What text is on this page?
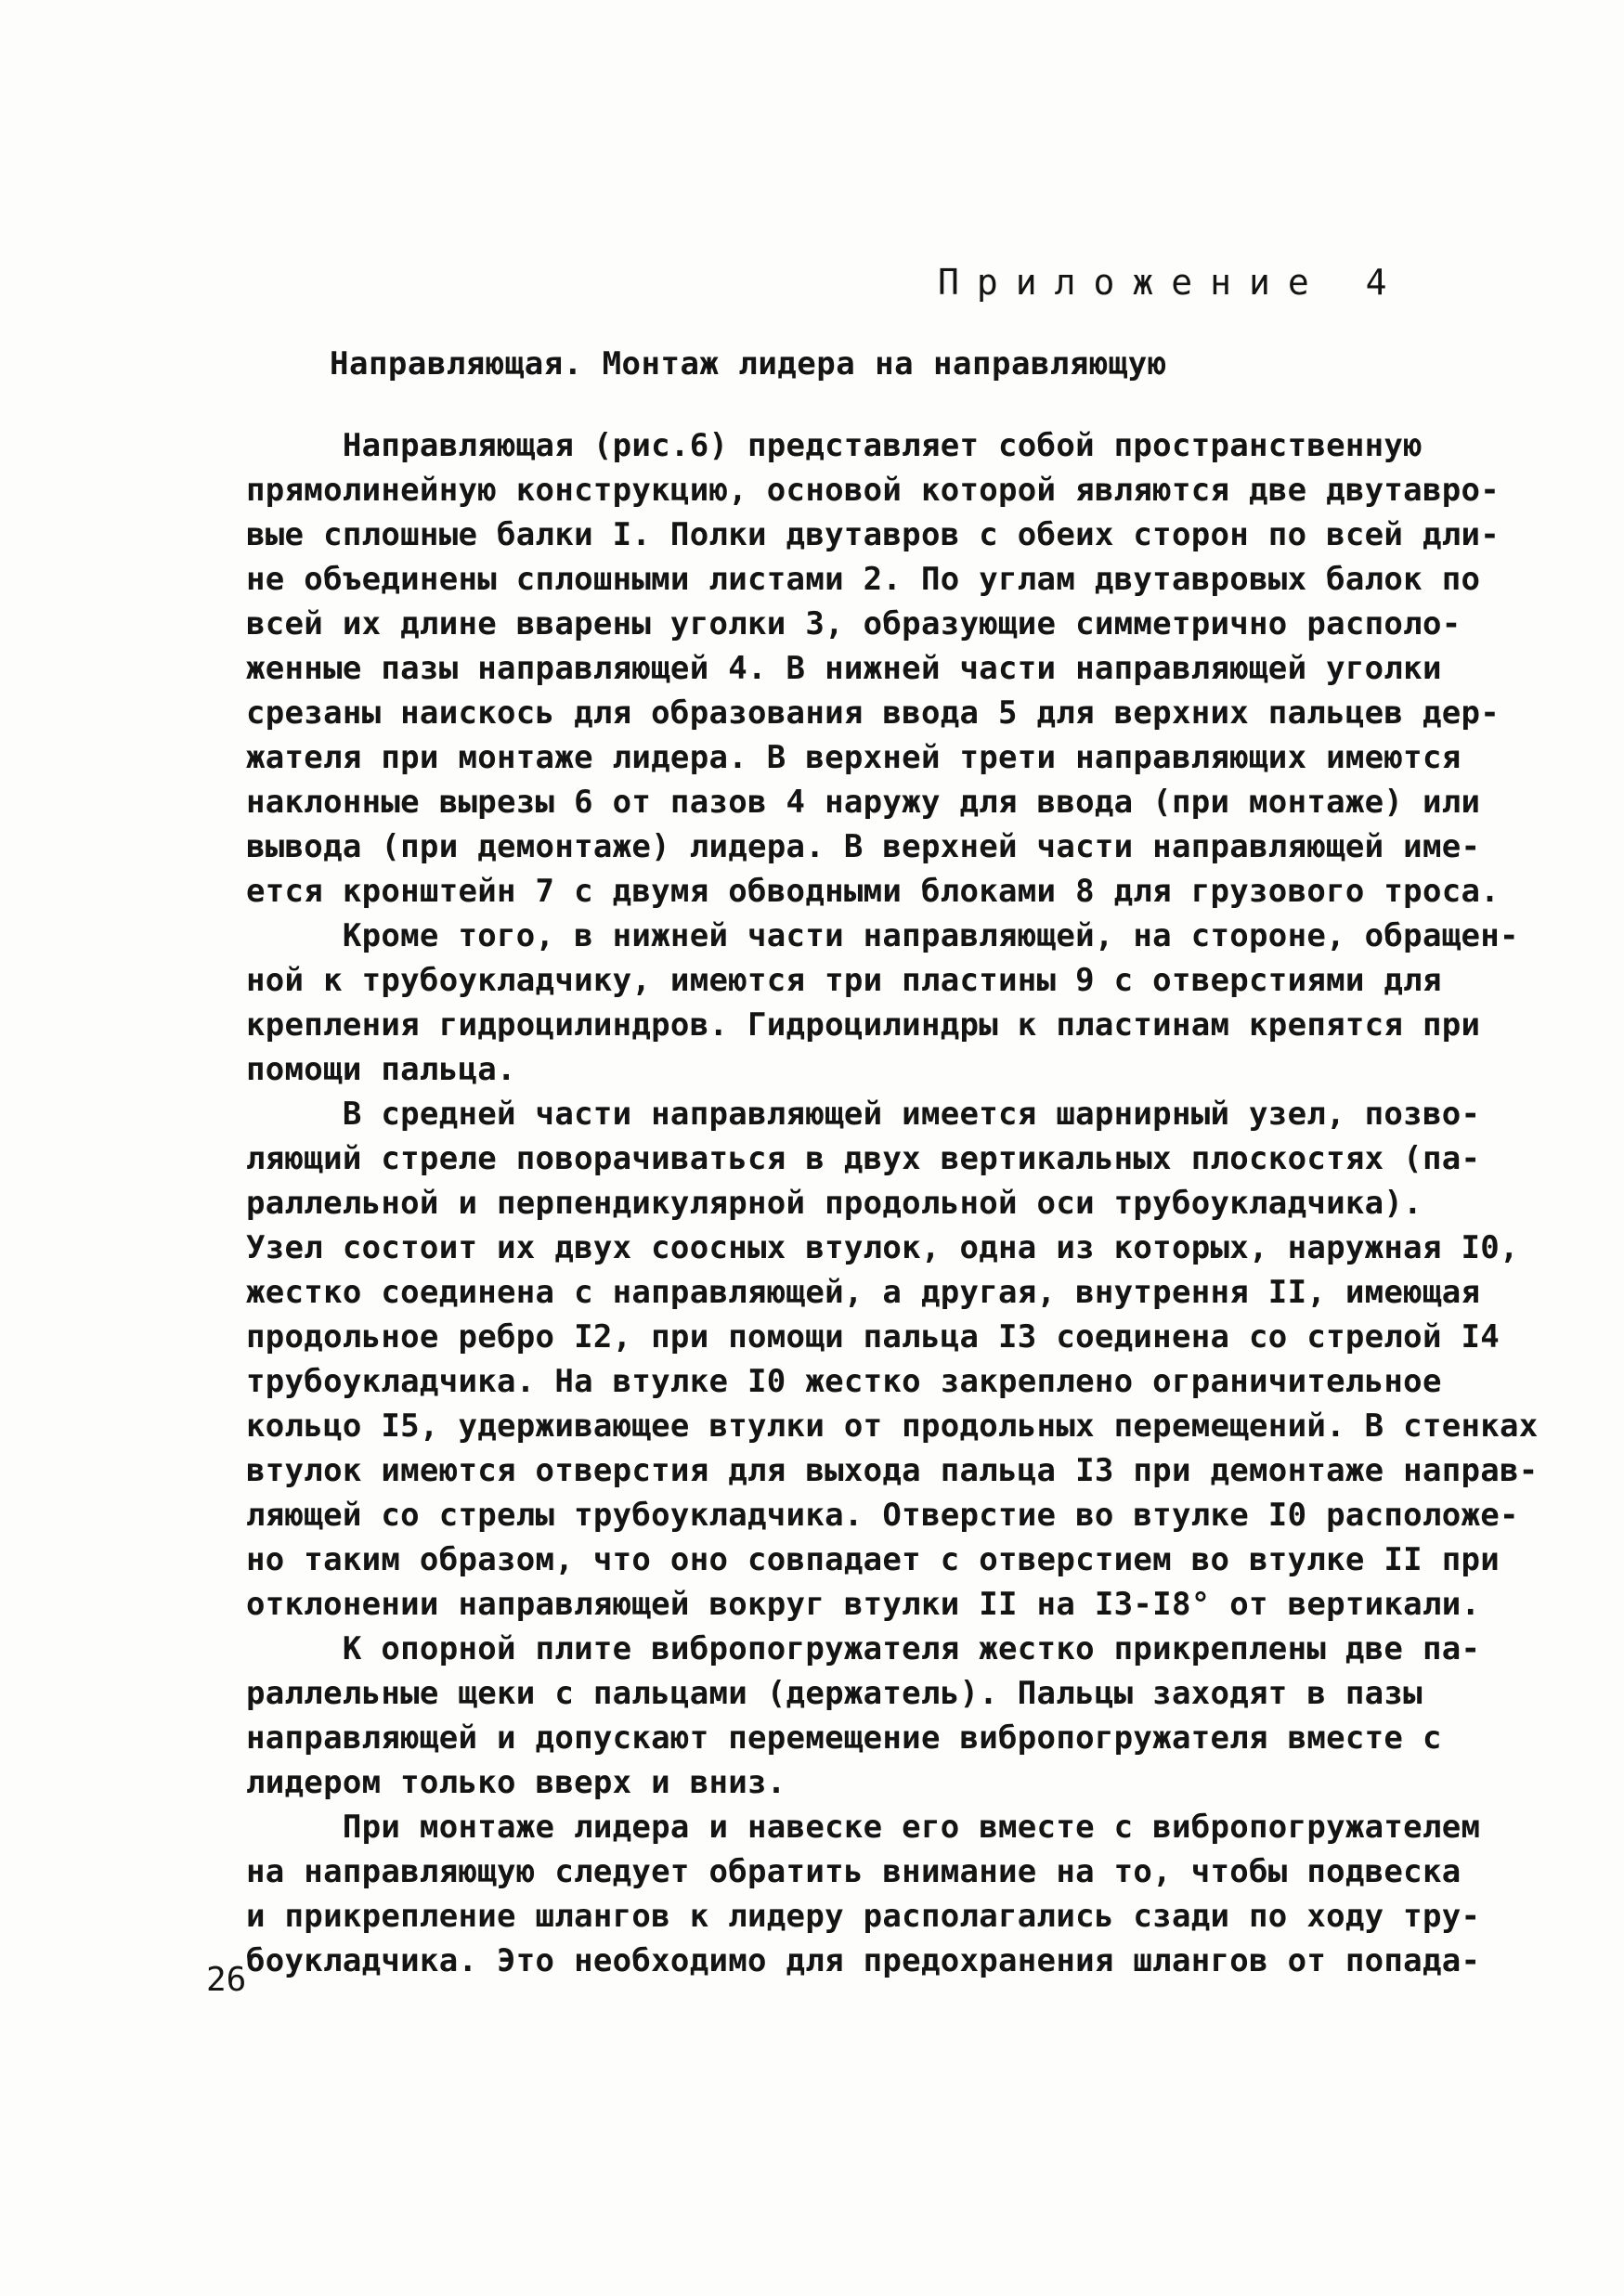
Приложение 4
Направляющая. Монтаж лидера на направляющую
Направляющая (рис.6) представляет собой пространственную
прямолинейную конструкцию, основой которой являются две двутавро-
вые сплошные балки I. Полки двутавров с обеих сторон по всей дли-
не объединены сплошными листами 2. По углам двутавровых балок по
всей их длине вварены уголки 3, образующие симметрично располо-
женные пазы направляющей 4. В нижней части направляющей уголки
срезаны наискось для образования ввода 5 для верхних пальцев дер-
жателя при монтаже лидера. В верхней трети направляющих имеются
наклонные вырезы 6 от пазов 4 наружу для ввода (при монтаже) или
вывода (при демонтаже) лидера. В верхней части направляющей име-
ется кронштейн 7 с двумя обводными блоками 8 для грузового троса.
Кроме того, в нижней части направляющей, на стороне, обращен-
ной к трубоукладчику, имеются три пластины 9 с отверстиями для
крепления гидроцилиндров. Гидроцилиндры к пластинам крепятся при
помощи пальца.
В средней части направляющей имеется шарнирный узел, позво-
ляющий стреле поворачиваться в двух вертикальных плоскостях (па-
раллельной и перпендикулярной продольной оси трубоукладчика).
Узел состоит их двух соосных втулок, одна из которых, наружная I0,
жестко соединена с направляющей, а другая, внутрення II, имеющая
продольное ребро I2, при помощи пальца I3 соединена со стрелой I4
трубоукладчика. На втулке I0 жестко закреплено ограничительное
кольцо I5, удерживающее втулки от продольных перемещений. В стенках
втулок имеются отверстия для выхода пальца I3 при демонтаже направ-
ляющей со стрелы трубоукладчика. Отверстие во втулке I0 расположе-
но таким образом, что оно совпадает с отверстием во втулке II при
отклонении направляющей вокруг втулки II на I3-I8° от вертикали.
К опорной плите вибропогружателя жестко прикреплены две па-
раллельные щеки с пальцами (держатель). Пальцы заходят в пазы
направляющей и допускают перемещение вибропогружателя вместе с
лидером только вверх и вниз.
При монтаже лидера и навеске его вместе с вибропогружателем
на направляющую следует обратить внимание на то, чтобы подвеска
и прикрепление шлангов к лидеру располагались сзади по ходу тру-
боукладчика. Это необходимо для предохранения шлангов от попада-
26
